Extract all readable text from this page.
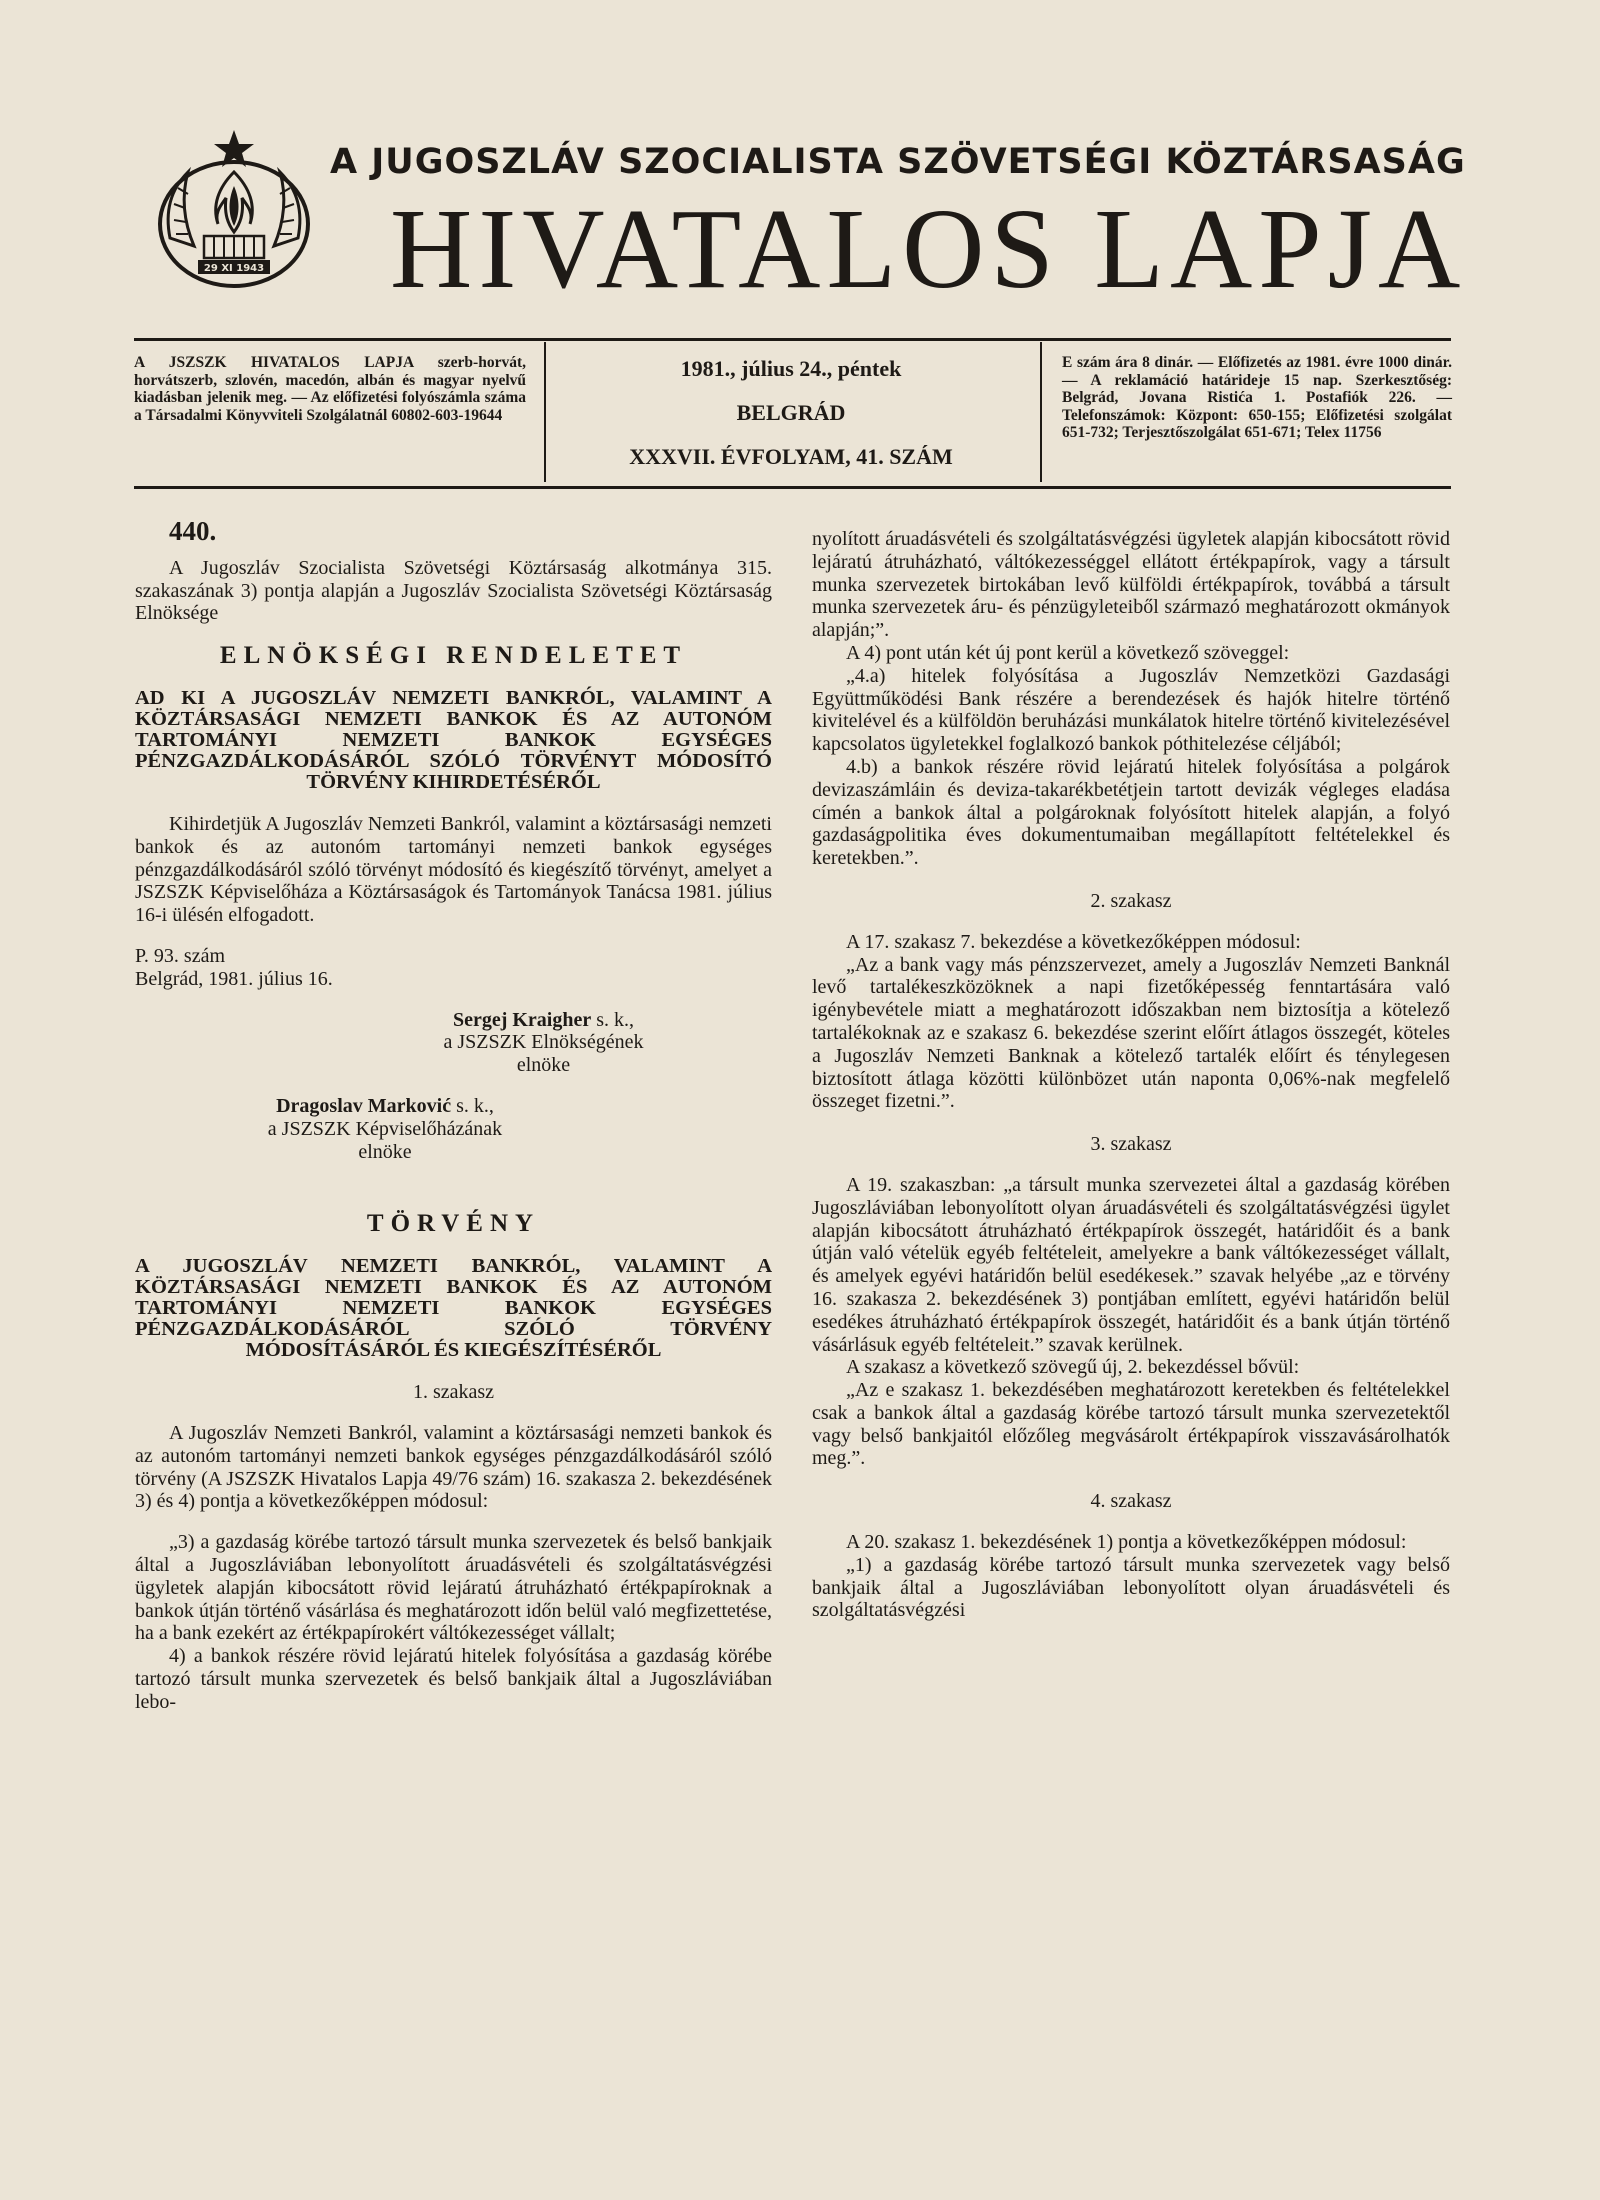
29 XI 1943
A JUGOSZLÁV SZOCIALISTA SZÖVETSÉGI KÖZTÁRSASÁG
HIVATALOS LAPJA
A JSZSZK HIVATALOS LAPJA szerb-horvát, horvátszerb, szlovén, macedón, albán és magyar nyelvű kiadásban jelenik meg. — Az előfizetési folyószámla száma a Társadalmi Könyvviteli Szolgálatnál 60802-603-19644
1981., július 24., péntek
BELGRÁD
XXXVII. ÉVFOLYAM, 41. SZÁM
E szám ára 8 dinár. — Előfizetés az 1981. évre 1000 dinár. — A reklamáció határideje 15 nap. Szerkesztőség: Belgrád, Jovana Ristića 1. Postafiók 226. — Telefonszámok: Központ: 650-155; Előfizetési szolgálat 651-732; Terjesztőszolgálat 651-671; Telex 11756
440.

A Jugoszláv Szocialista Szövetségi Köztársaság alkotmánya 315. szakaszának 3) pontja alapján a Jugoszláv Szocialista Szövetségi Köztársaság Elnöksége

ELNÖKSÉGI RENDELETET
AD KI A JUGOSZLÁV NEMZETI BANKRÓL, VALAMINT A KÖZTÁRSASÁGI NEMZETI BANKOK ÉS AZ AUTONÓM TARTOMÁNYI NEMZETI BANKOK EGYSÉGES PÉNZGAZDÁLKODÁSÁRÓL SZÓLÓ TÖRVÉNYT MÓDOSÍTÓ TÖRVÉNY KIHIRDETÉSÉRŐL

Kihirdetjük A Jugoszláv Nemzeti Bankról, valamint a köztársasági nemzeti bankok és az autonóm tartományi nemzeti bankok egységes pénzgazdálkodásáról szóló törvényt módosító és kiegészítő törvényt, amelyet a JSZSZK Képviselőháza a Köztársaságok és Tartományok Tanácsa 1981. július 16-i ülésén elfogadott.

P. 93. szám

Belgrád, 1981. július 16.

Sergej Kraigher s. k.,
a JSZSZK Elnökségének
elnöke
Dragoslav Marković s. k.,
a JSZSZK Képviselőházának
elnöke
TÖRVÉNY
A JUGOSZLÁV NEMZETI BANKRÓL, VALAMINT A KÖZTÁRSASÁGI NEMZETI BANKOK ÉS AZ AUTONÓM TARTOMÁNYI NEMZETI BANKOK EGYSÉGES PÉNZGAZDÁLKODÁSÁRÓL SZÓLÓ TÖRVÉNY MÓDOSÍTÁSÁRÓL ÉS KIEGÉSZÍTÉSÉRŐL
1. szakasz

A Jugoszláv Nemzeti Bankról, valamint a köztársasági nemzeti bankok és az autonóm tartományi nemzeti bankok egységes pénzgazdálkodásáról szóló törvény (A JSZSZK Hivatalos Lapja 49/76 szám) 16. szakasza 2. bekezdésének 3) és 4) pontja a következőképpen módosul:

„3) a gazdaság körébe tartozó társult munka szervezetek és belső bankjaik által a Jugoszláviában lebonyolított áruadásvételi és szolgáltatásvégzési ügyletek alapján kibocsátott rövid lejáratú átruházható értékpapíroknak a bankok útján történő vásárlása és meghatározott időn belül való megfizettetése, ha a bank ezekért az értékpapírokért váltókezességet vállalt;

4) a bankok részére rövid lejáratú hitelek folyósítása a gazdaság körébe tartozó társult munka szervezetek és belső bankjaik által a Jugoszláviában lebo-

nyolított áruadásvételi és szolgáltatásvégzési ügyletek alapján kibocsátott rövid lejáratú átruházható, váltókezességgel ellátott értékpapírok, vagy a társult munka szervezetek birtokában levő külföldi értékpapírok, továbbá a társult munka szervezetek áru- és pénzügyleteiből származó meghatározott okmányok alapján;”.

A 4) pont után két új pont kerül a következő szöveggel:

„4.a) hitelek folyósítása a Jugoszláv Nemzetközi Gazdasági Együttműködési Bank részére a berendezések és hajók hitelre történő kivitelével és a külföldön beruházási munkálatok hitelre történő kivitelezésével kapcsolatos ügyletekkel foglalkozó bankok póthitelezése céljából;

4.b) a bankok részére rövid lejáratú hitelek folyósítása a polgárok devizaszámláin és deviza-takarékbetétjein tartott devizák végleges eladása címén a bankok által a polgároknak folyósított hitelek alapján, a folyó gazdaságpolitika éves dokumentumaiban megállapított feltételekkel és keretekben.”.

2. szakasz

A 17. szakasz 7. bekezdése a következőképpen módosul:

„Az a bank vagy más pénzszervezet, amely a Jugoszláv Nemzeti Banknál levő tartalékeszközöknek a napi fizetőképesség fenntartására való igénybevétele miatt a meghatározott időszakban nem biztosítja a kötelező tartalékoknak az e szakasz 6. bekezdése szerint előírt átlagos összegét, köteles a Jugoszláv Nemzeti Banknak a kötelező tartalék előírt és ténylegesen biztosított átlaga közötti különbözet után naponta 0,06%-nak megfelelő összeget fizetni.”.

3. szakasz

A 19. szakaszban: „a társult munka szervezetei által a gazdaság körében Jugoszláviában lebonyolított olyan áruadásvételi és szolgáltatásvégzési ügylet alapján kibocsátott átruházható értékpapírok összegét, határidőit és a bank útján való vételük egyéb feltételeit, amelyekre a bank váltókezességet vállalt, és amelyek egyévi határidőn belül esedékesek.” szavak helyébe „az e törvény 16. szakasza 2. bekezdésének 3) pontjában említett, egyévi határidőn belül esedékes átruházható értékpapírok összegét, határidőit és a bank útján történő vásárlásuk egyéb feltételeit.” szavak kerülnek.

A szakasz a következő szövegű új, 2. bekezdéssel bővül:

„Az e szakasz 1. bekezdésében meghatározott keretekben és feltételekkel csak a bankok által a gazdaság körébe tartozó társult munka szervezetektől vagy belső bankjaitól előzőleg megvásárolt értékpapírok visszavásárolhatók meg.”.

4. szakasz

A 20. szakasz 1. bekezdésének 1) pontja a következőképpen módosul:

„1) a gazdaság körébe tartozó társult munka szervezetek vagy belső bankjaik által a Jugoszláviában lebonyolított olyan áruadásvételi és szolgáltatásvégzési
